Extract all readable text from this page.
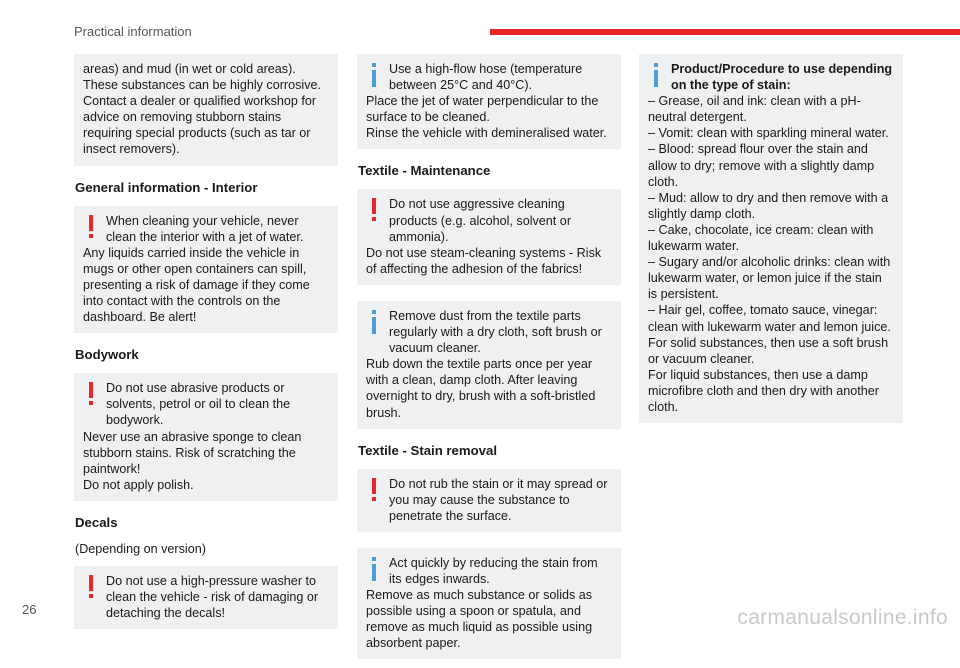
Practical information

areas) and mud (in wet or cold areas). These substances can be highly corrosive.

Contact a dealer or qualified workshop for advice on removing stubborn stains requiring special products (such as tar or insect removers).

General information - Interior

When cleaning your vehicle, never clean the interior with a jet of water.

Any liquids carried inside the vehicle in mugs or other open containers can spill, presenting a risk of damage if they come into contact with the controls on the dashboard. Be alert!

Bodywork

Do not use abrasive products or solvents, petrol or oil to clean the bodywork.

Never use an abrasive sponge to clean stubborn stains. Risk of scratching the paintwork!

Do not apply polish.

Decals

(Depending on version)

Do not use a high-pressure washer to clean the vehicle - risk of damaging or detaching the decals!

Use a high-flow hose (temperature between 25°C and 40°C).

Place the jet of water perpendicular to the surface to be cleaned.

Rinse the vehicle with demineralised water.

Textile - Maintenance

Do not use aggressive cleaning products (e.g. alcohol, solvent or ammonia).

Do not use steam-cleaning systems - Risk of affecting the adhesion of the fabrics!

Remove dust from the textile parts regularly with a dry cloth, soft brush or vacuum cleaner.

Rub down the textile parts once per year with a clean, damp cloth. After leaving overnight to dry, brush with a soft-bristled brush.

Textile - Stain removal

Do not rub the stain or it may spread or you may cause the substance to penetrate the surface.

Act quickly by reducing the stain from its edges inwards.

Remove as much substance or solids as possible using a spoon or spatula, and remove as much liquid as possible using absorbent paper.

Product/Procedure to use depending on the type of stain:

– Grease, oil and ink: clean with a pH-neutral detergent.

– Vomit: clean with sparkling mineral water.

– Blood: spread flour over the stain and allow to dry; remove with a slightly damp cloth.

– Mud: allow to dry and then remove with a slightly damp cloth.

– Cake, chocolate, ice cream: clean with lukewarm water.

– Sugary and/or alcoholic drinks: clean with lukewarm water, or lemon juice if the stain is persistent.

– Hair gel, coffee, tomato sauce, vinegar: clean with lukewarm water and lemon juice.

For solid substances, then use a soft brush or vacuum cleaner.

For liquid substances, then use a damp microfibre cloth and then dry with another cloth.

26	carmanualsonline.info
